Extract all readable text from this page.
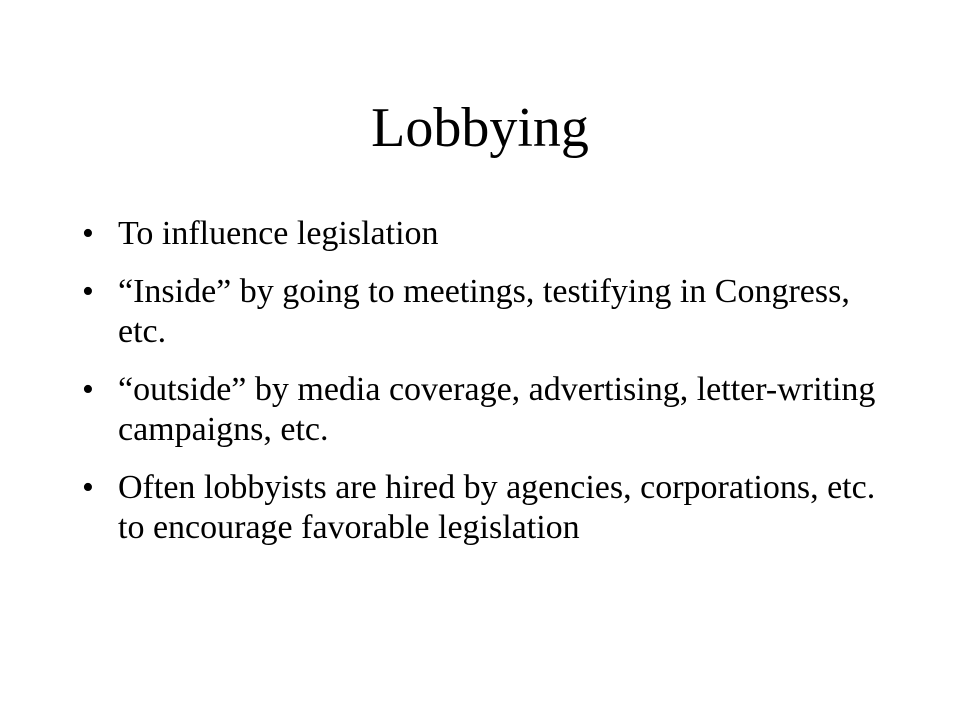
Lobbying
• To influence legislation
• “Inside” by going to meetings, testifying in Congress, etc.
• “outside” by media coverage, advertising, letter-writing campaigns, etc.
• Often lobbyists are hired by agencies, corporations, etc. to encourage favorable legislation
